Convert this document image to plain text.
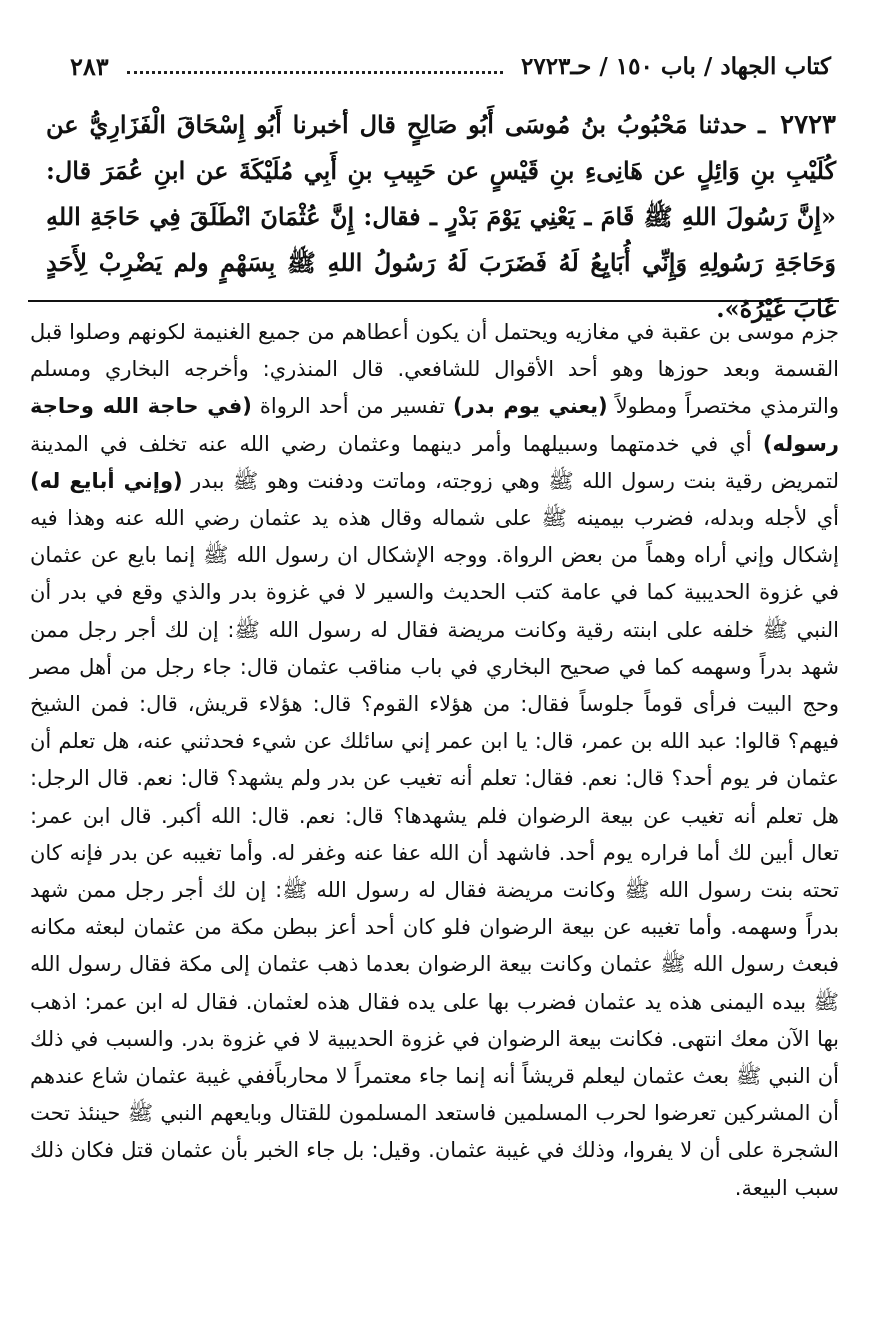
كتاب الجهاد / باب ١٥٠ / حـ٢٧٢٣
٢٨٣
٢٧٢٣ ـ حدثنا مَحْبُوبُ بنُ مُوسَى أَبُو صَالِحٍ قال أخبرنا أَبُو إِسْحَاقَ الْفَزَارِيُّ عن كُلَيْبِ بنِ وَائِلٍ عن هَانِىءِ بنِ قَيْسٍ عن حَبِيبِ بنِ أَبِي مُلَيْكَةَ عن ابنِ عُمَرَ قال: «إِنَّ رَسُولَ اللهِ ﷺ قَامَ ـ يَعْنِي يَوْمَ بَدْرٍ ـ فقال: إِنَّ عُثْمَانَ انْطَلَقَ فِي حَاجَةِ اللهِ وَحَاجَةِ رَسُولِهِ وَإِنِّي أُبَايِعُ لَهُ فَضَرَبَ لَهُ رَسُولُ اللهِ ﷺ بِسَهْمٍ ولم يَضْرِبْ لِأَحَدٍ غَابَ غَيْرُهُ».
جزم موسى بن عقبة في مغازيه ويحتمل أن يكون أعطاهم من جميع الغنيمة لكونهم وصلوا قبل القسمة وبعد حوزها وهو أحد الأقوال للشافعي. قال المنذري: وأخرجه البخاري ومسلم والترمذي مختصراً ومطولاً (يعني يوم بدر) تفسير من أحد الرواة (في حاجة الله وحاجة رسوله) أي في خدمتهما وسبيلهما وأمر دينهما وعثمان رضي الله عنه تخلف في المدينة لتمريض رقية بنت رسول الله ﷺ وهي زوجته، وماتت ودفنت وهو ﷺ ببدر (وإني أبايع له) أي لأجله وبدله، فضرب بيمينه ﷺ على شماله وقال هذه يد عثمان رضي الله عنه وهذا فيه إشكال وإني أراه وهماً من بعض الرواة. ووجه الإشكال ان رسول الله ﷺ إنما بايع عن عثمان في غزوة الحديبية كما في عامة كتب الحديث والسير لا في غزوة بدر والذي وقع في بدر أن النبي ﷺ خلفه على ابنته رقية وكانت مريضة فقال له رسول الله ﷺ: إن لك أجر رجل ممن شهد بدراً وسهمه كما في صحيح البخاري في باب مناقب عثمان قال: جاء رجل من أهل مصر وحج البيت فرأى قوماً جلوساً فقال: من هؤلاء القوم؟ قال: هؤلاء قريش، قال: فمن الشيخ فيهم؟ قالوا: عبد الله بن عمر، قال: يا ابن عمر إني سائلك عن شيء فحدثني عنه، هل تعلم أن عثمان فر يوم أحد؟ قال: نعم. فقال: تعلم أنه تغيب عن بدر ولم يشهد؟ قال: نعم. قال الرجل: هل تعلم أنه تغيب عن بيعة الرضوان فلم يشهدها؟ قال: نعم. قال: الله أكبر. قال ابن عمر: تعال أبين لك أما فراره يوم أحد. فاشهد أن الله عفا عنه وغفر له. وأما تغيبه عن بدر فإنه كان تحته بنت رسول الله ﷺ وكانت مريضة فقال له رسول الله ﷺ: إن لك أجر رجل ممن شهد بدراً وسهمه. وأما تغيبه عن بيعة الرضوان فلو كان أحد أعز ببطن مكة من عثمان لبعثه مكانه فبعث رسول الله ﷺ عثمان وكانت بيعة الرضوان بعدما ذهب عثمان إلى مكة فقال رسول الله ﷺ بيده اليمنى هذه يد عثمان فضرب بها على يده فقال هذه لعثمان. فقال له ابن عمر: اذهب بها الآن معك انتهى. فكانت بيعة الرضوان في غزوة الحديبية لا في غزوة بدر. والسبب في ذلك أن النبي ﷺ بعث عثمان ليعلم قريشاً أنه إنما جاء معتمراً لا محارباًففي غيبة عثمان شاع عندهم أن المشركين تعرضوا لحرب المسلمين فاستعد المسلمون للقتال وبايعهم النبي ﷺ حينئذ تحت الشجرة على أن لا يفروا، وذلك في غيبة عثمان. وقيل: بل جاء الخبر بأن عثمان قتل فكان ذلك سبب البيعة.
